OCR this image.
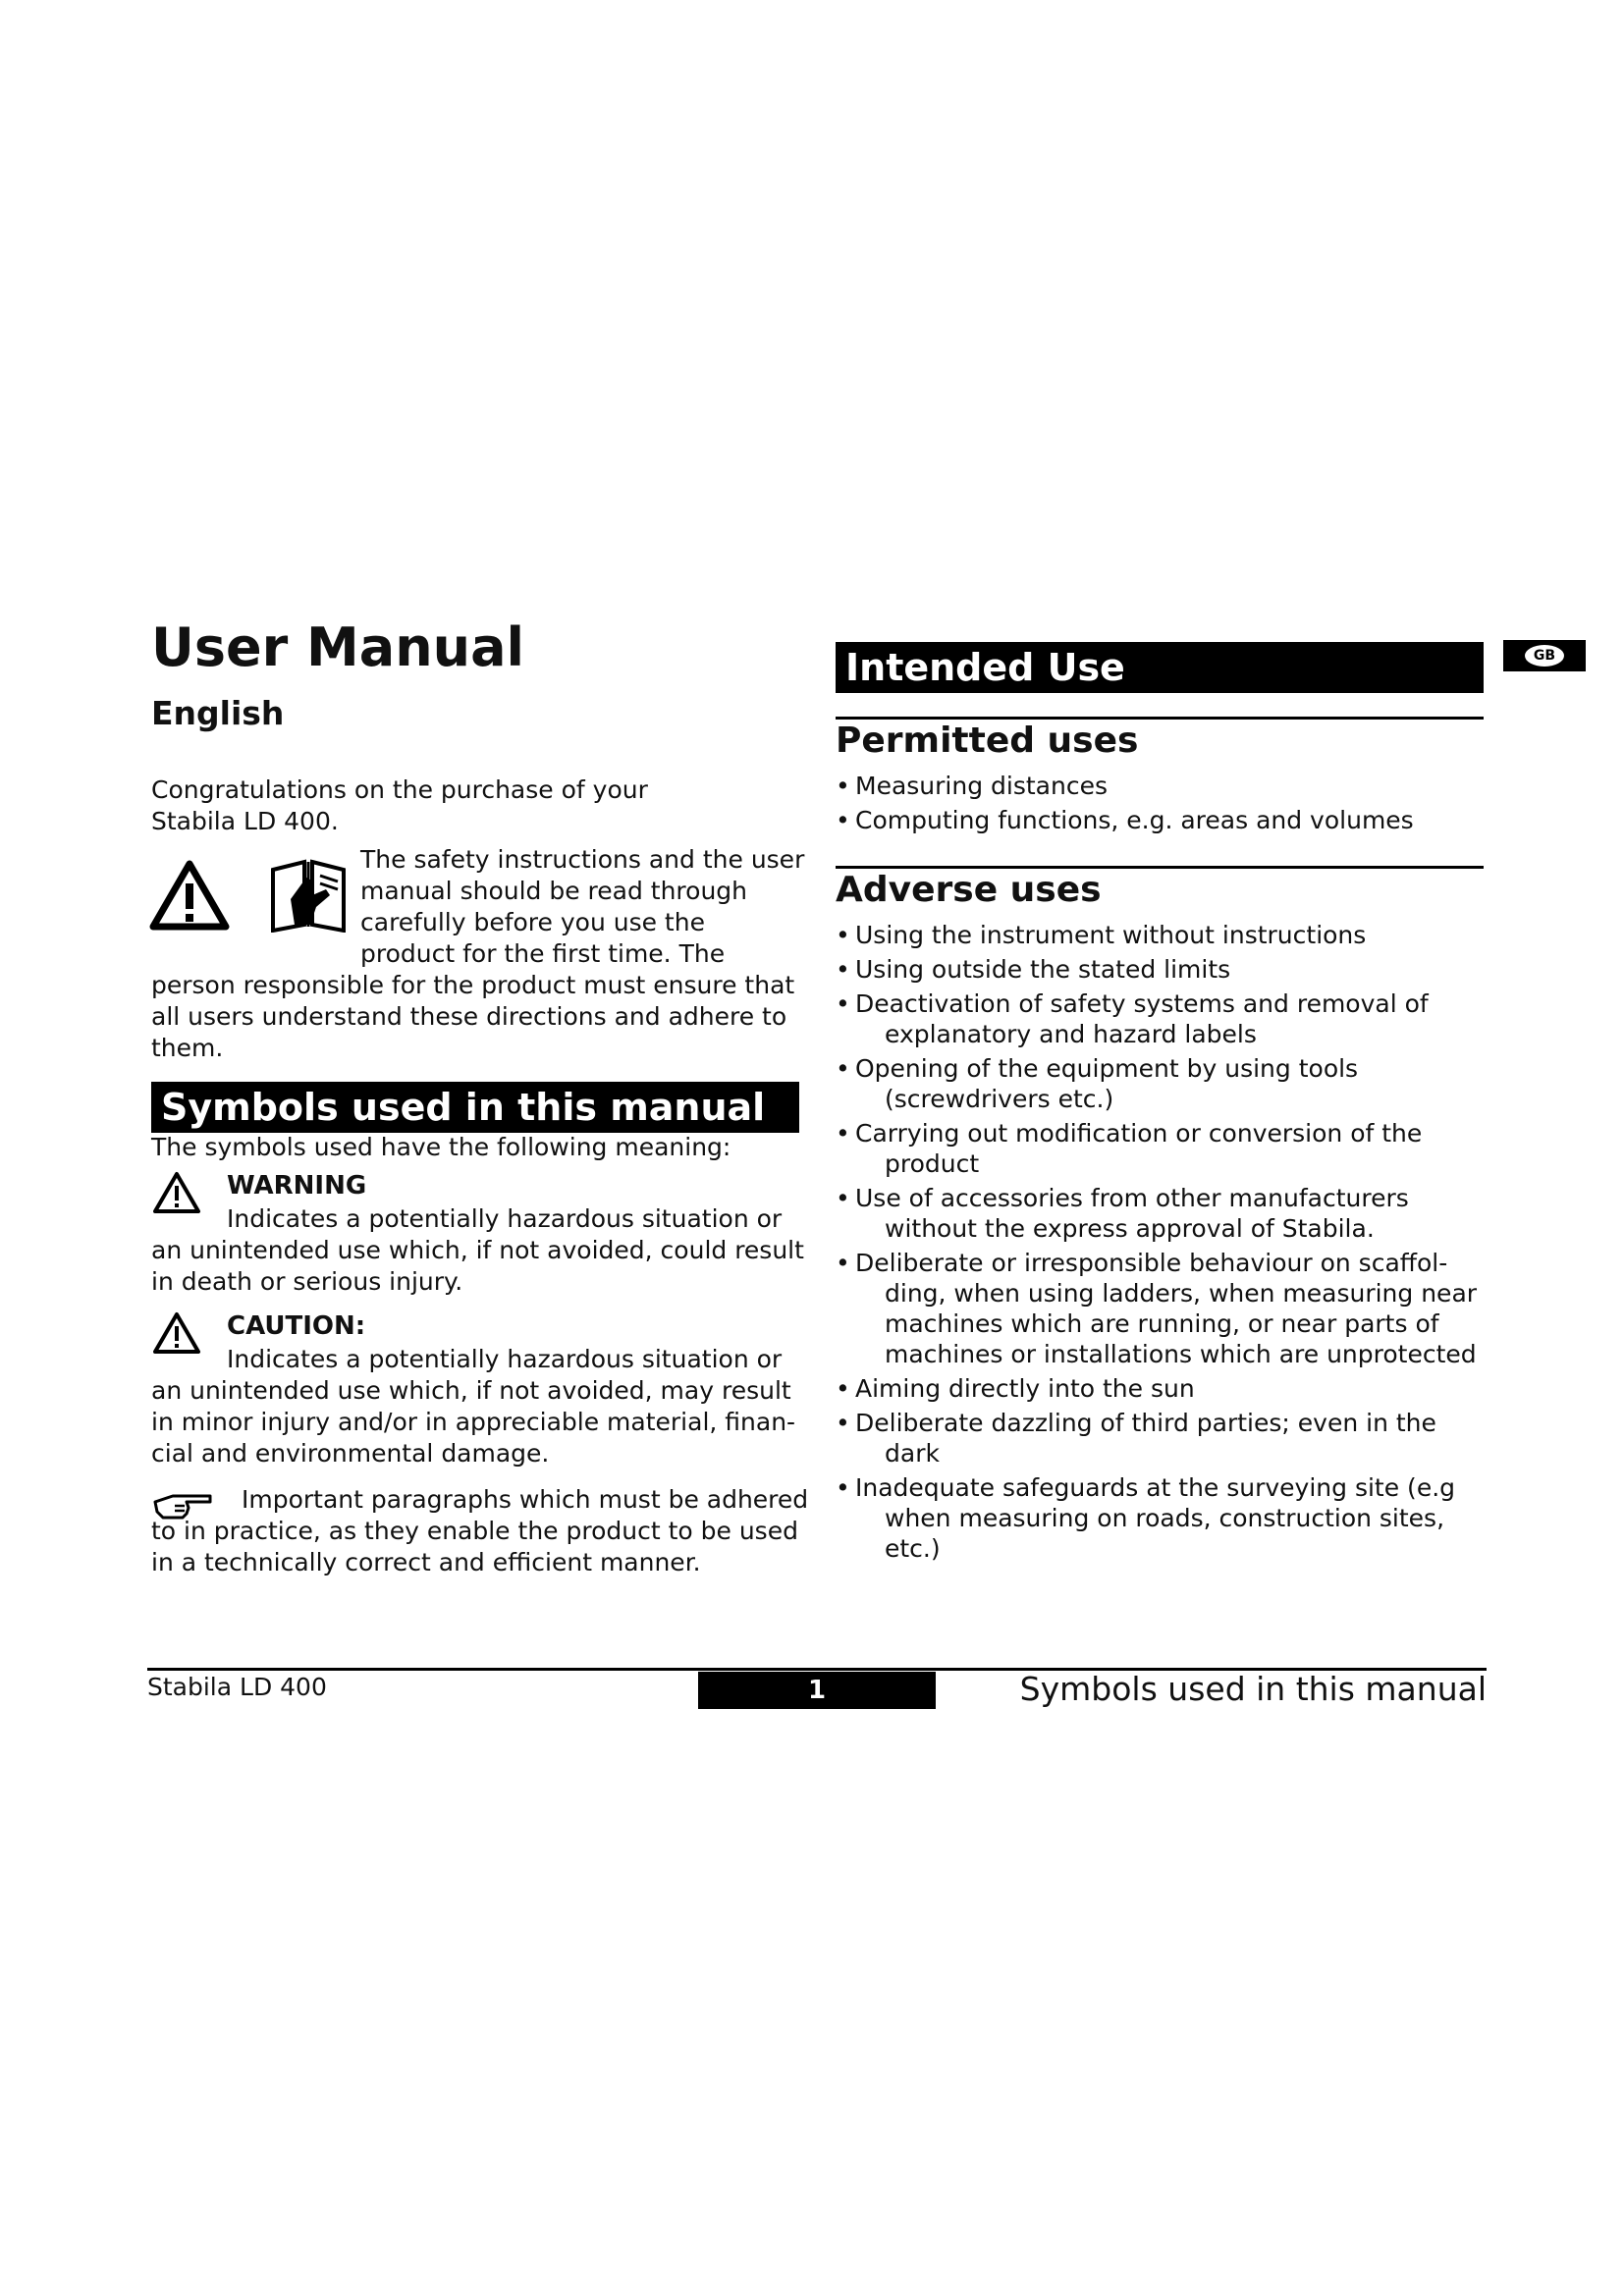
User Manual
English
Congratulations on the purchase of your
Stabila LD 400.
The safety instructions and the user
manual should be read through
carefully before you use the
product for the first time. The
person responsible for the product must ensure that
all users understand these directions and adhere to
them.
Symbols used in this manual
The symbols used have the following meaning:
WARNING
Indicates a potentially hazardous situation or
an unintended use which, if not avoided, could result
in death or serious injury.
CAUTION:
Indicates a potentially hazardous situation or
an unintended use which, if not avoided, may result
in minor injury and/or in appreciable material, finan-
cial and environmental damage.
Important paragraphs which must be adhered
to in practice, as they enable the product to be used
in a technically correct and efficient manner.
Intended Use
Permitted uses
• Measuring distances
• Computing functions, e.g. areas and volumes
Adverse uses
• Using the instrument without instructions
• Using outside the stated limits
• Deactivation of safety systems and removal of
explanatory and hazard labels
• Opening of the equipment by using tools
(screwdrivers etc.)
• Carrying out modification or conversion of the
product
• Use of accessories from other manufacturers
without the express approval of Stabila.
• Deliberate or irresponsible behaviour on scaffol-
ding, when using ladders, when measuring near
machines which are running, or near parts of
machines or installations which are unprotected
• Aiming directly into the sun
• Deliberate dazzling of third parties; even in the
dark
• Inadequate safeguards at the surveying site (e.g
when measuring on roads, construction sites,
etc.)
GB
Stabila LD 400	1	Symbols used in this manual
